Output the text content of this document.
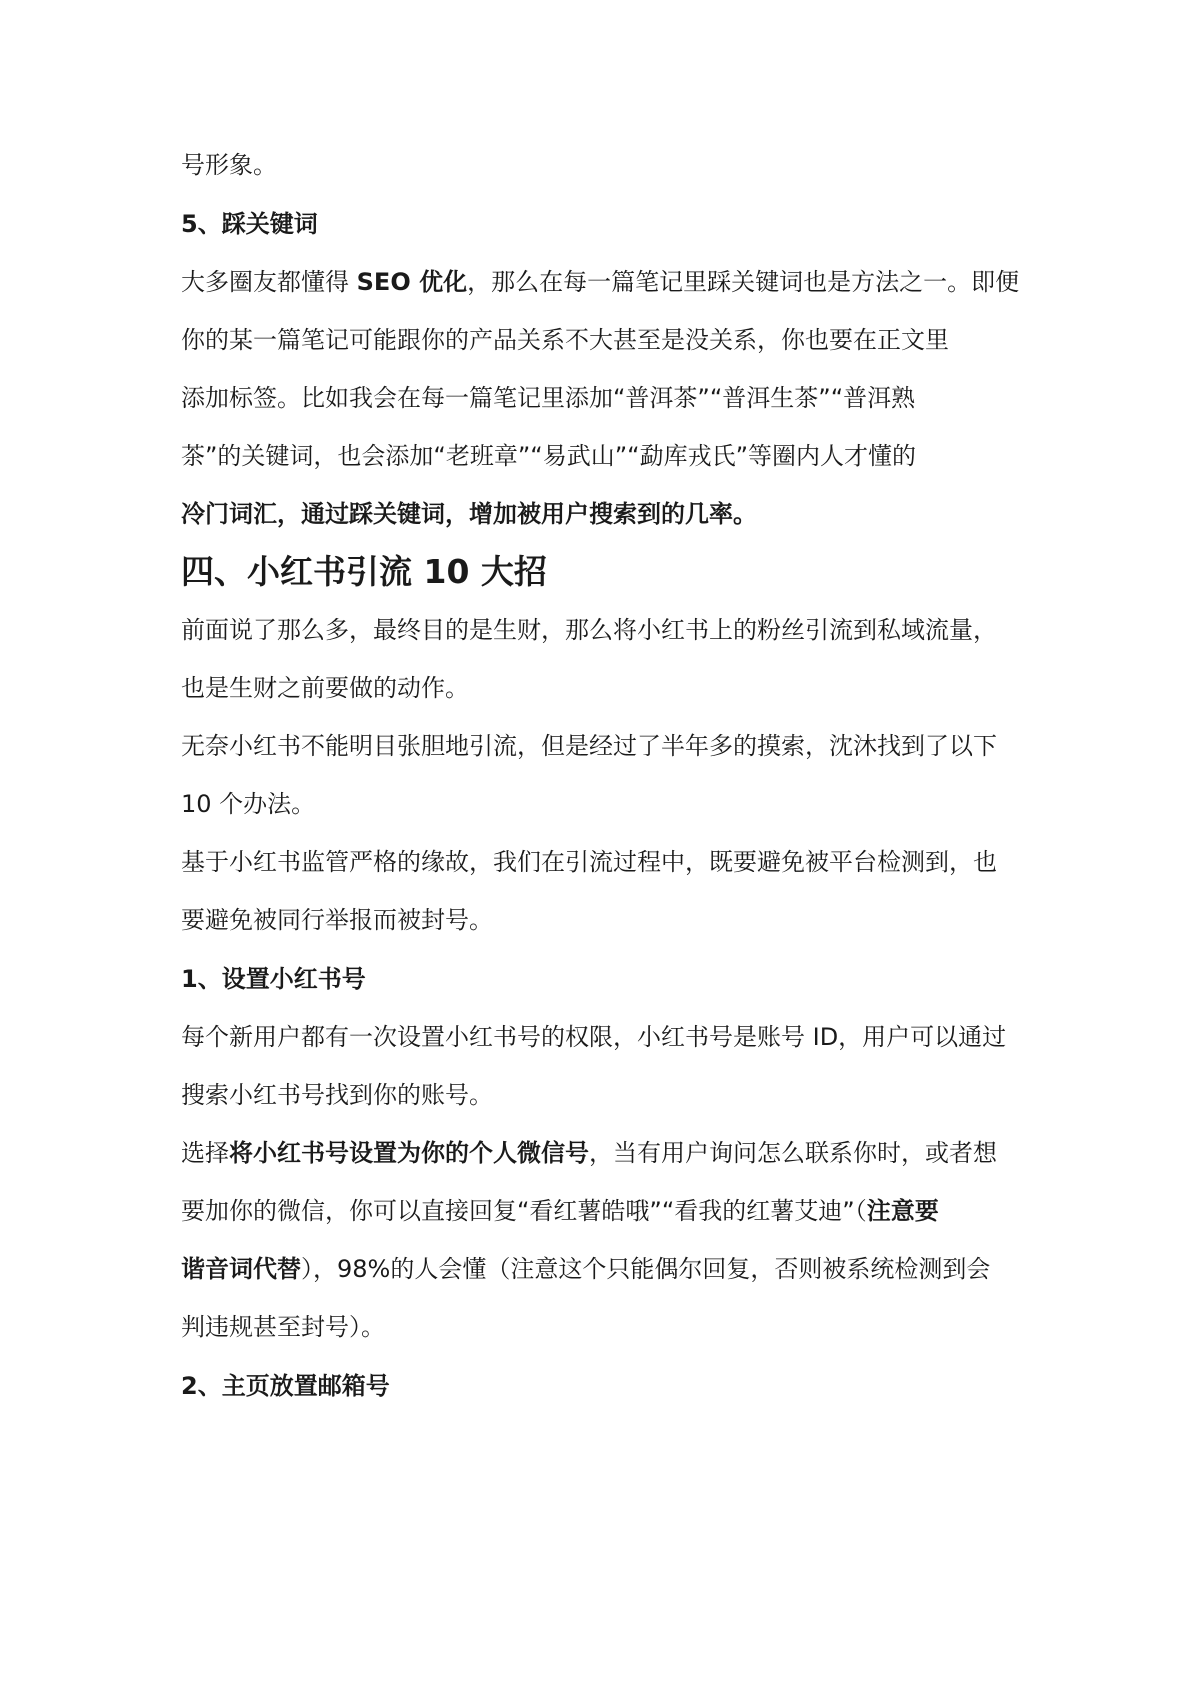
号形象。
5、踩关键词
大多圈友都懂得 SEO 优化，那么在每一篇笔记里踩关键词也是方法之一。即便
你的某一篇笔记可能跟你的产品关系不大甚至是没关系，你也要在正文里
添加标签。比如我会在每一篇笔记里添加“普洱茶”“普洱生茶”“普洱熟
茶”的关键词，也会添加“老班章”“易武山”“勐库戎氏”等圈内人才懂的
冷门词汇，通过踩关键词，增加被用户搜索到的几率。
四、小红书引流 10 大招
前面说了那么多，最终目的是生财，那么将小红书上的粉丝引流到私域流量，
也是生财之前要做的动作。
无奈小红书不能明目张胆地引流，但是经过了半年多的摸索，沈沐找到了以下
10 个办法。
基于小红书监管严格的缘故，我们在引流过程中，既要避免被平台检测到，也
要避免被同行举报而被封号。
1、设置小红书号
每个新用户都有一次设置小红书号的权限，小红书号是账号 ID，用户可以通过
搜索小红书号找到你的账号。
选择将小红书号设置为你的个人微信号，当有用户询问怎么联系你时，或者想
要加你的微信，你可以直接回复“看红薯皓哦”“看我的红薯艾迪”（注意要
谐音词代替），98%的人会懂（注意这个只能偶尔回复，否则被系统检测到会
判违规甚至封号）。
2、主页放置邮箱号
